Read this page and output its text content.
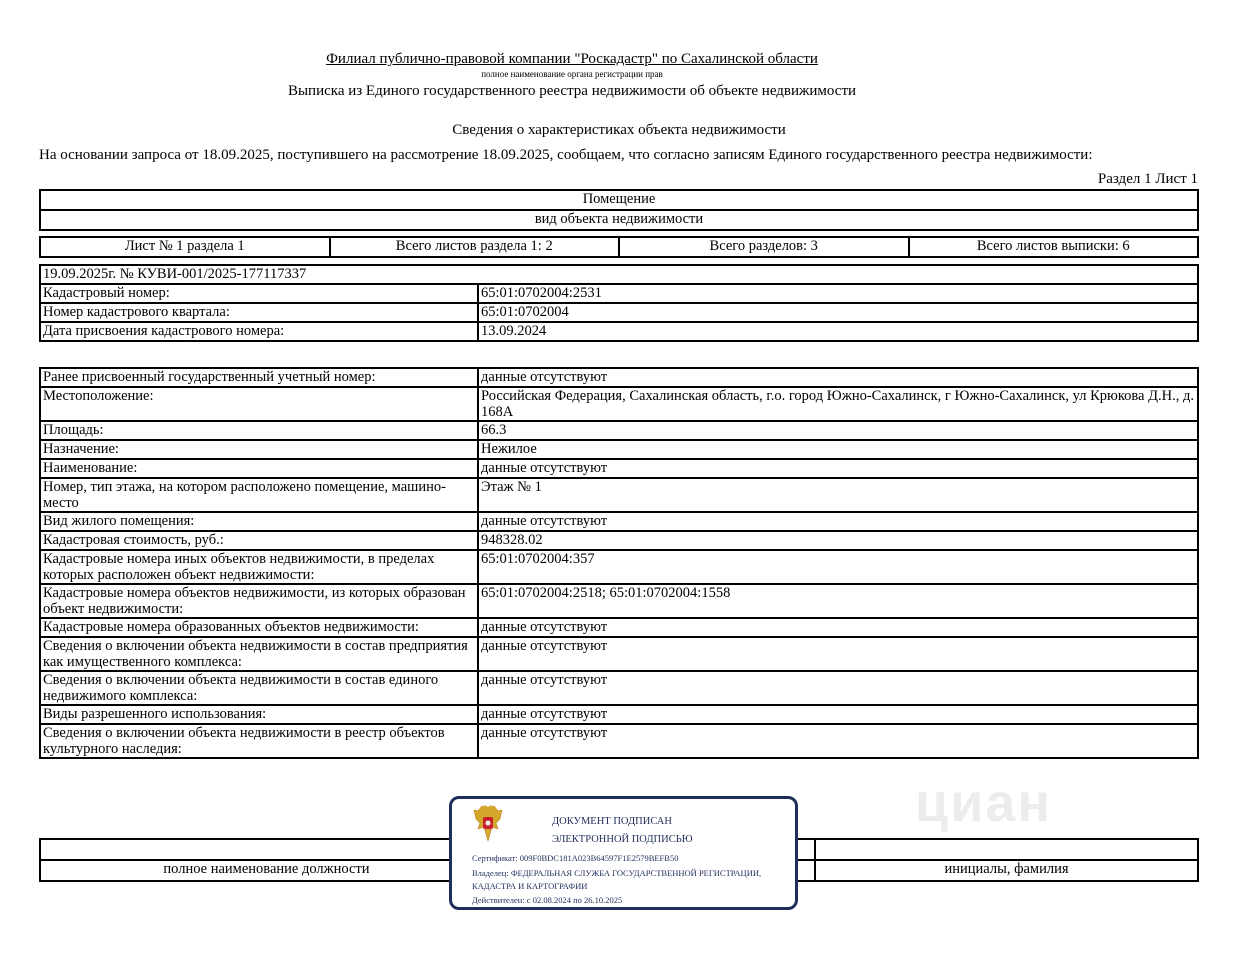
Филиал публично-правовой компании "Роскадастр" по Сахалинской области
полное наименование органа регистрации прав
Выписка из Единого государственного реестра недвижимости об объекте недвижимости
Сведения о характеристиках объекта недвижимости
На основании запроса от 18.09.2025, поступившего на рассмотрение 18.09.2025, сообщаем, что согласно записям Единого государственного реестра недвижимости:
Раздел 1 Лист 1
Помещение
вид объекта недвижимости
Лист № 1 раздела 1	Всего листов раздела 1: 2	Всего разделов: 3	Всего листов выписки: 6
19.09.2025г. № КУВИ-001/2025-177117337	
Кадастровый номер:	65:01:0702004:2531
Номер кадастрового квартала:	65:01:0702004
Дата присвоения кадастрового номера:	13.09.2024
Ранее присвоенный государственный учетный номер:	данные отсутствуют
Местоположение:	Российская Федерация, Сахалинская область, г.о. город Южно-Сахалинск, г Южно-Сахалинск, ул Крюкова Д.Н., д. 168А
Площадь:	66.3
Назначение:	Нежилое
Наименование:	данные отсутствуют
Номер, тип этажа, на котором расположено помещение, машино-место	Этаж № 1
Вид жилого помещения:	данные отсутствуют
Кадастровая стоимость, руб.:	948328.02
Кадастровые номера иных объектов недвижимости, в пределах которых расположен объект недвижимости:	65:01:0702004:357
Кадастровые номера объектов недвижимости, из которых образован объект недвижимости:	65:01:0702004:2518; 65:01:0702004:1558
Кадастровые номера образованных объектов недвижимости:	данные отсутствуют
Сведения о включении объекта недвижимости в состав предприятия как имущественного комплекса:	данные отсутствуют
Сведения о включении объекта недвижимости в состав единого недвижимого комплекса:	данные отсутствуют
Виды разрешенного использования:	данные отсутствуют
Сведения о включении объекта недвижимости в реестр объектов культурного наследия:	данные отсутствуют

полное наименование должности		инициалы, фамилия
циан
ДОКУМЕНТ ПОДПИСАН
ЭЛЕКТРОННОЙ ПОДПИСЬЮ
Сертификат: 009F0BDC181A023B64597F1E2579BEFB50
Владелец: ФЕДЕРАЛЬНАЯ СЛУЖБА ГОСУДАРСТВЕННОЙ РЕГИСТРАЦИИ, КАДАСТРА И КАРТОГРАФИИ
Действителен: с 02.08.2024 по 26.10.2025
